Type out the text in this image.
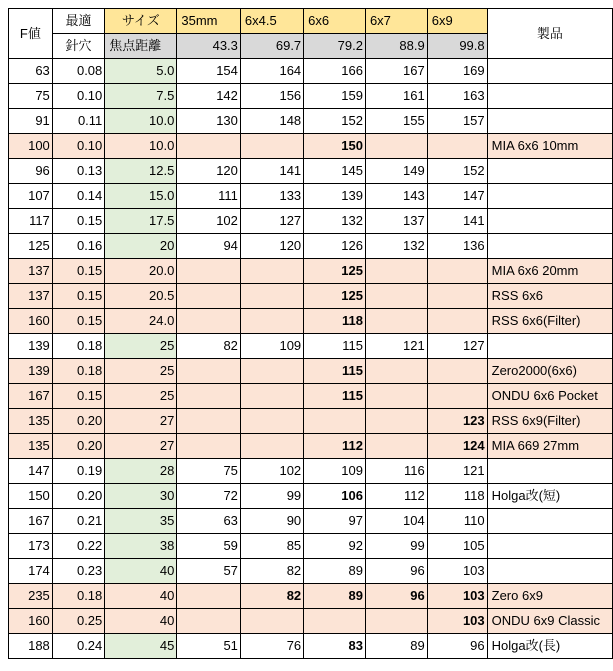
F値	最適	サイズ	35mm	6x4.5	6x6	6x7	6x9	製品
	針穴	焦点距離	43.3	69.7	79.2	88.9	99.8	
63	0.08	5.0	154	164	166	167	169	
75	0.10	7.5	142	156	159	161	163	
91	0.11	10.0	130	148	152	155	157	
100	0.10	10.0			150			MIA 6x6 10mm
96	0.13	12.5	120	141	145	149	152	
107	0.14	15.0	111	133	139	143	147	
117	0.15	17.5	102	127	132	137	141	
125	0.16	20	94	120	126	132	136	
137	0.15	20.0			125			MIA 6x6 20mm
137	0.15	20.5			125			RSS 6x6
160	0.15	24.0			118			RSS 6x6(Filter)
139	0.18	25	82	109	115	121	127	
139	0.18	25			115			Zero2000(6x6)
167	0.15	25			115			ONDU 6x6 Pocket
135	0.20	27					123	RSS 6x9(Filter)
135	0.20	27			112		124	MIA 669 27mm
147	0.19	28	75	102	109	116	121	
150	0.20	30	72	99	106	112	118	Holga改(短)
167	0.21	35	63	90	97	104	110	
173	0.22	38	59	85	92	99	105	
174	0.23	40	57	82	89	96	103	
235	0.18	40		82	89	96	103	Zero 6x9
160	0.25	40					103	ONDU 6x9 Classic
188	0.24	45	51	76	83	89	96	Holga改(長)
